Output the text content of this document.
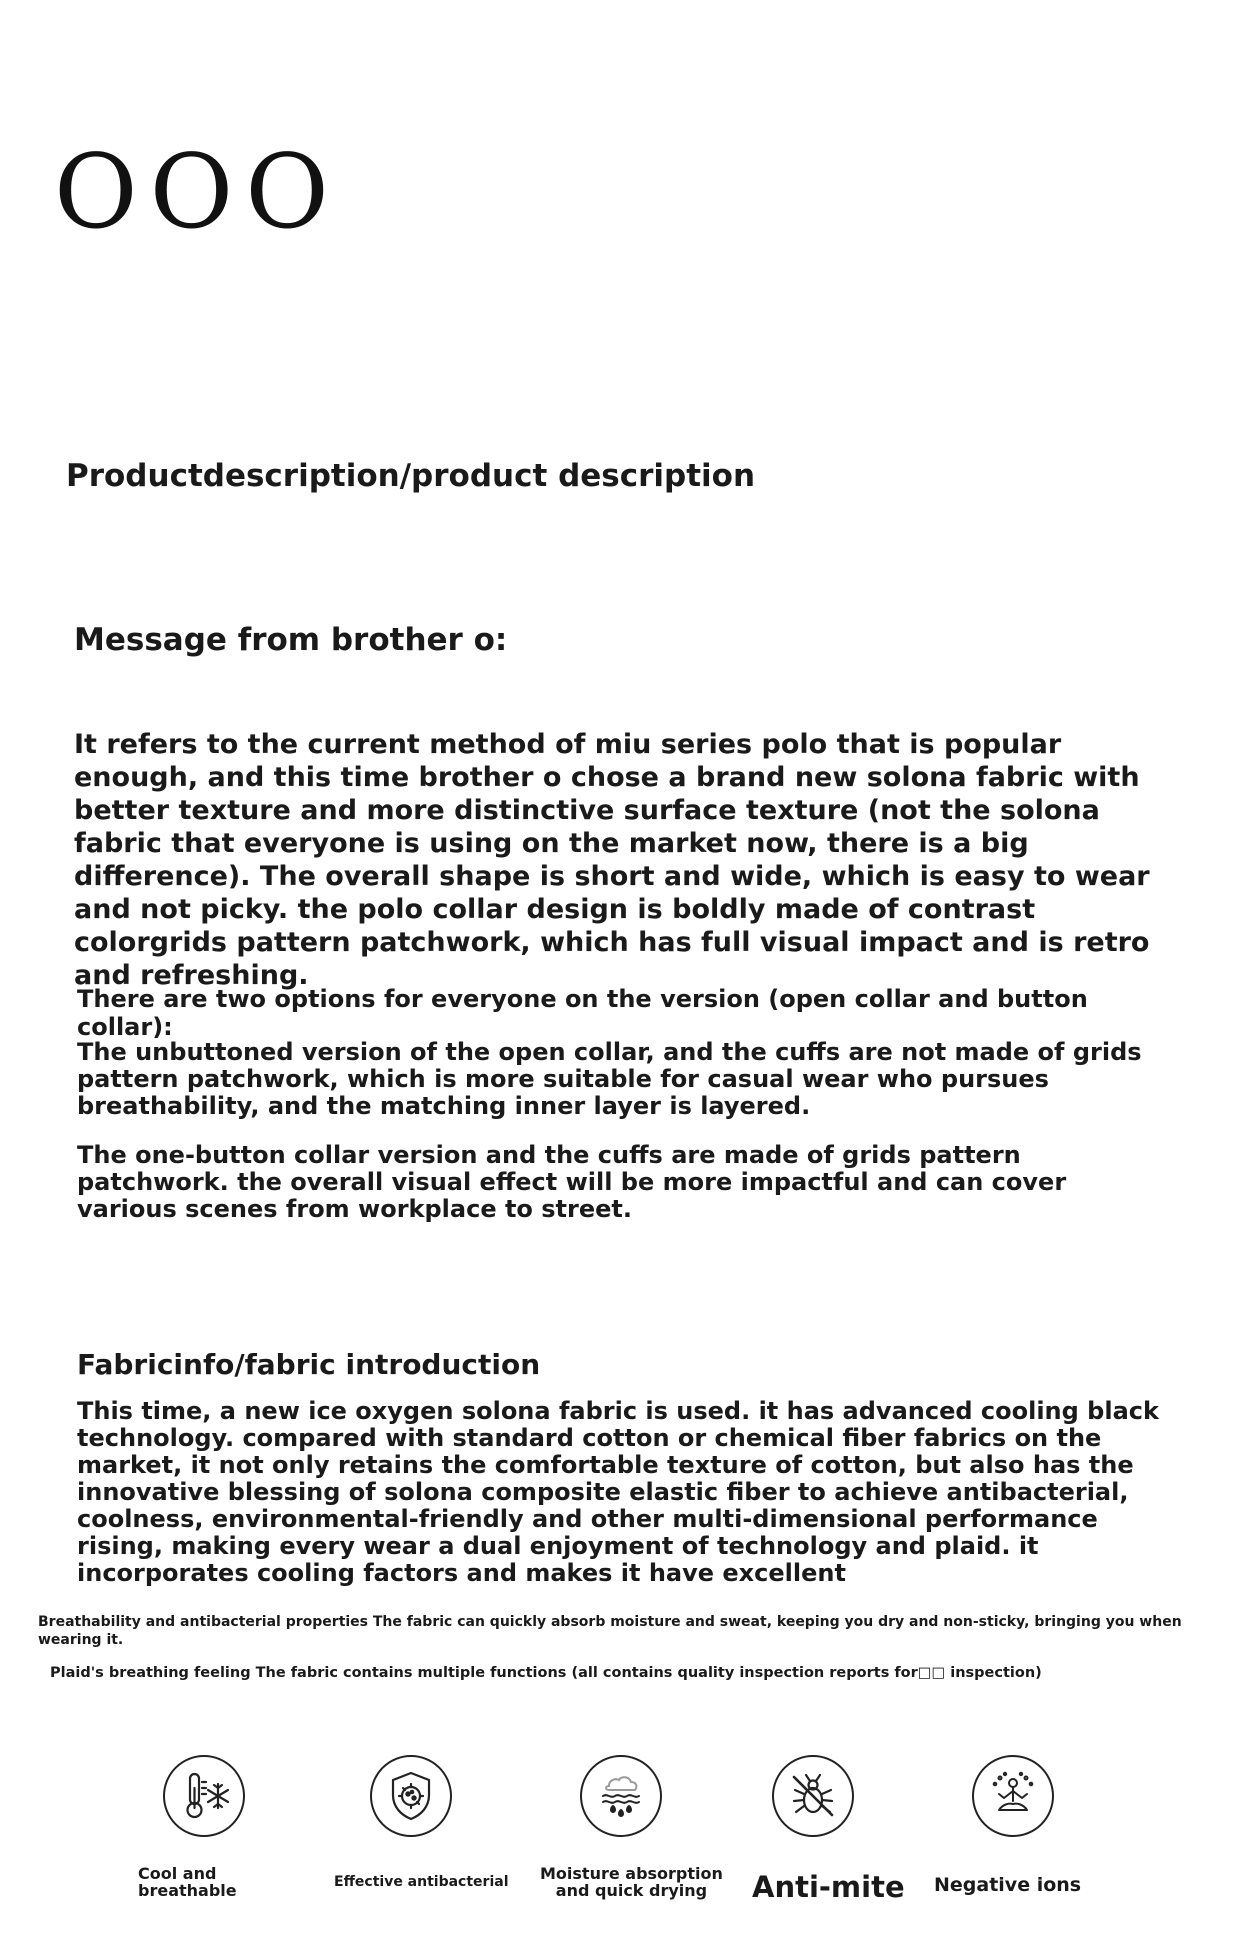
OOO
Productdescription/product description
Message from brother o:

It refers to the current method of miu series polo that is popular enough, and this time brother o chose a brand new solona fabric with better texture and more distinctive surface texture (not the solona fabric that everyone is using on the market now, there is a big difference). The overall shape is short and wide, which is easy to wear and not picky. the polo collar design is boldly made of contrast colorgrids pattern patchwork, which has full visual impact and is retro and refreshing.

There are two options for everyone on the version (open collar and button collar):

The unbuttoned version of the open collar, and the cuffs are not made of grids pattern patchwork, which is more suitable for casual wear who pursues breathability, and the matching inner layer is layered.

The one-button collar version and the cuffs are made of grids pattern patchwork. the overall visual effect will be more impactful and can cover various scenes from workplace to street.

Fabricinfo/fabric introduction

This time, a new ice oxygen solona fabric is used. it has advanced cooling black technology. compared with standard cotton or chemical fiber fabrics on the market, it not only retains the comfortable texture of cotton, but also has the innovative blessing of solona composite elastic fiber to achieve antibacterial, coolness, environmental-friendly and other multi-dimensional performance rising, making every wear a dual enjoyment of technology and plaid. it incorporates cooling factors and makes it have excellent

Breathability and antibacterial properties The fabric can quickly absorb moisture and sweat, keeping you dry and non-sticky, bringing you when wearing it.

Plaid's breathing feeling The fabric contains multiple functions (all contains quality inspection reports for□□ inspection)

Cool and
breathable	Effective antibacterial Moisture absorption
and quick drying	Anti-mite Negative ions
